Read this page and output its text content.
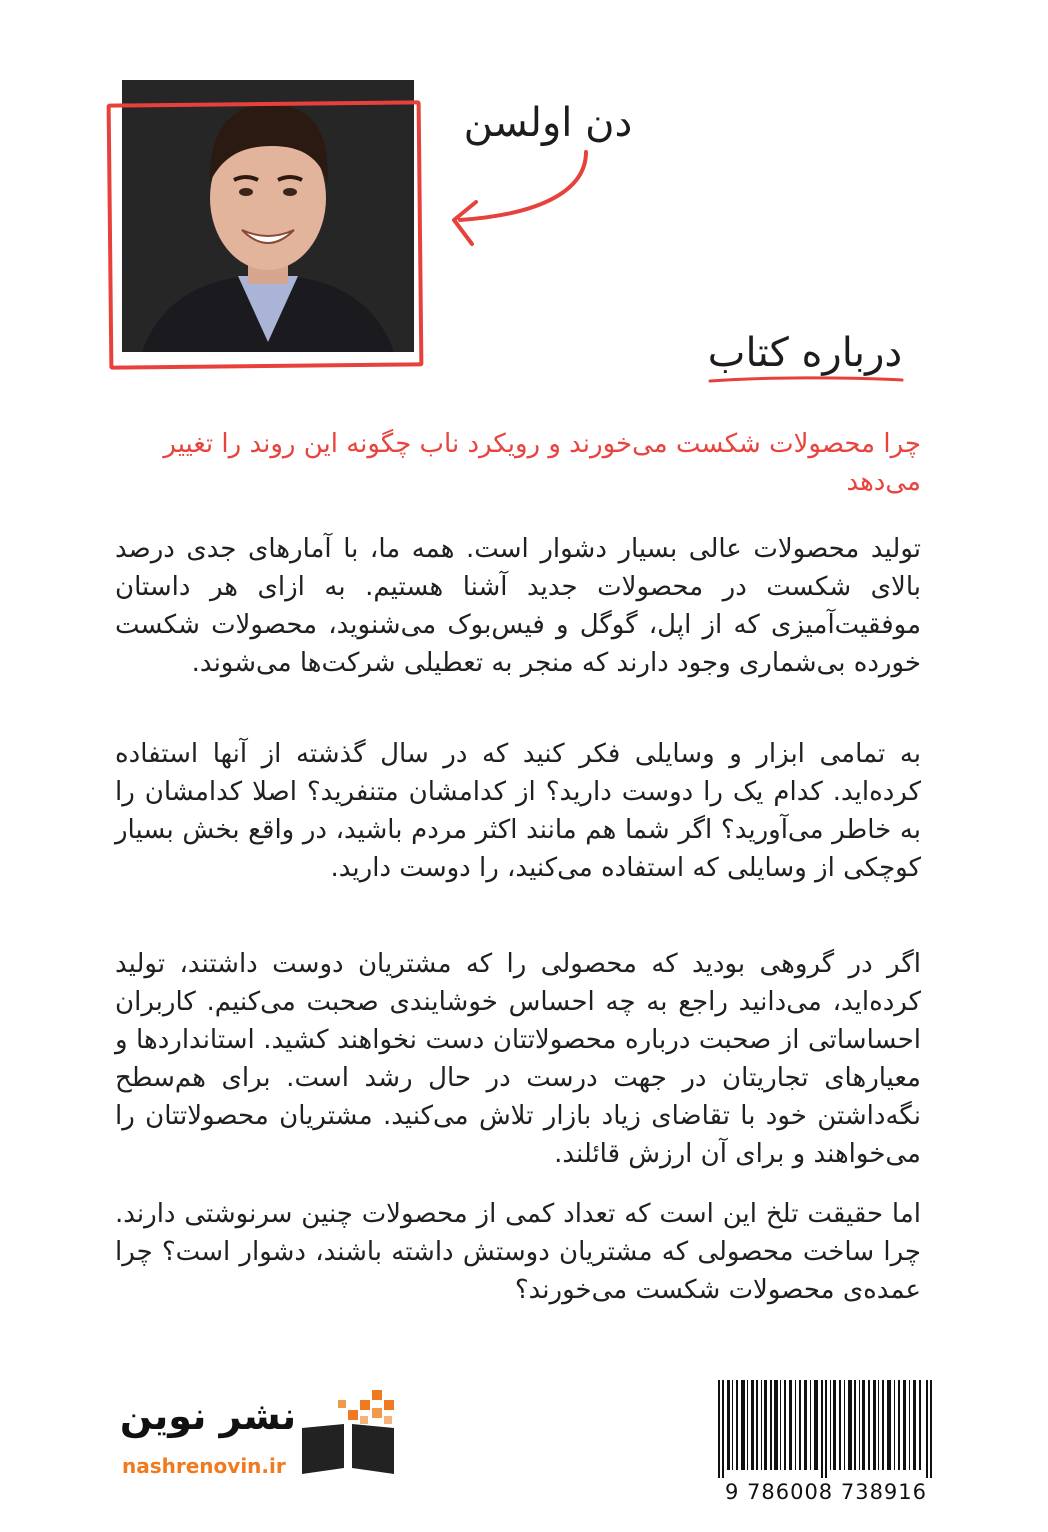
دن اولسن
درباره کتاب
چرا محصولات شکست می‌خورند و رویکرد ناب چگونه این روند را تغییر می‌دهد
تولید محصولات عالی بسیار دشوار است. همه ما، با آمارهای جدی درصد بالای شکست در محصولات جدید آشنا هستیم. به ازای هر داستان موفقیت‌آمیزی که از اپل، گوگل و فیس‌بوک می‌شنوید، محصولات شکست خورده بی‌شماری وجود دارند که منجر به تعطیلی شرکت‌ها می‌شوند.
به تمامی ابزار و وسایلی فکر کنید که در سال گذشته از آنها استفاده کرده‌اید. کدام یک را دوست دارید؟ از کدامشان متنفرید؟ اصلا کدامشان را به خاطر می‌آورید؟ اگر شما هم مانند اکثر مردم باشید، در واقع بخش بسیار کوچکی از وسایلی که استفاده می‌کنید، را دوست دارید.
اگر در گروهی بودید که محصولی را که مشتریان دوست داشتند، تولید کرده‌اید، می‌دانید راجع به چه احساس خوشایندی صحبت می‌کنیم. کاربران احساساتی از صحبت درباره محصولاتتان دست نخواهند کشید. استانداردها و معیارهای تجاریتان در جهت درست در حال رشد است. برای هم‌سطح نگه‌داشتن خود با تقاضای زیاد بازار تلاش می‌کنید. مشتریان محصولاتتان را می‌خواهند و برای آن ارزش قائلند.
اما حقیقت تلخ این است که تعداد کمی از محصولات چنین سرنوشتی دارند. چرا ساخت محصولی که مشتریان دوستش داشته باشند، دشوار است؟ چرا عمده‌ی محصولات شکست می‌خورند؟
نشر نوین
nashrenovin.ir
9 786008 738916
